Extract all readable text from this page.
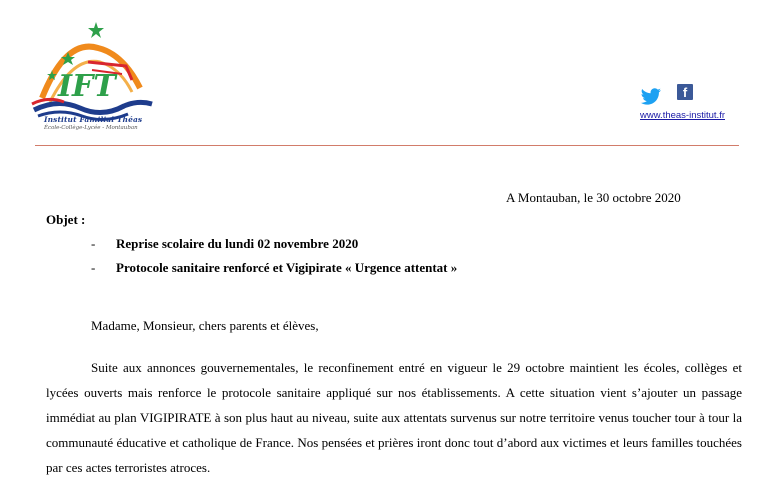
IFT
Institut Familial Théas
École-Collège-Lycée - Montauban
f
www.theas-institut.fr
A Montauban, le 30 octobre 2020
Objet :
- Reprise scolaire du lundi 02 novembre 2020
- Protocole sanitaire renforcé et Vigipirate « Urgence attentat »
Madame, Monsieur, chers parents et élèves,
Suite aux annonces gouvernementales, le reconfinement entré en vigueur le 29 octobre maintient les écoles, collèges et
lycées ouverts mais renforce le protocole sanitaire appliqué sur nos établissements. A cette situation vient s’ajouter un passage
immédiat au plan VIGIPIRATE à son plus haut au niveau, suite aux attentats survenus sur notre territoire venus toucher tour à tour la
communauté éducative et catholique de France. Nos pensées et prières iront donc tout d’abord aux victimes et leurs familles touchées
par ces actes terroristes atroces.
